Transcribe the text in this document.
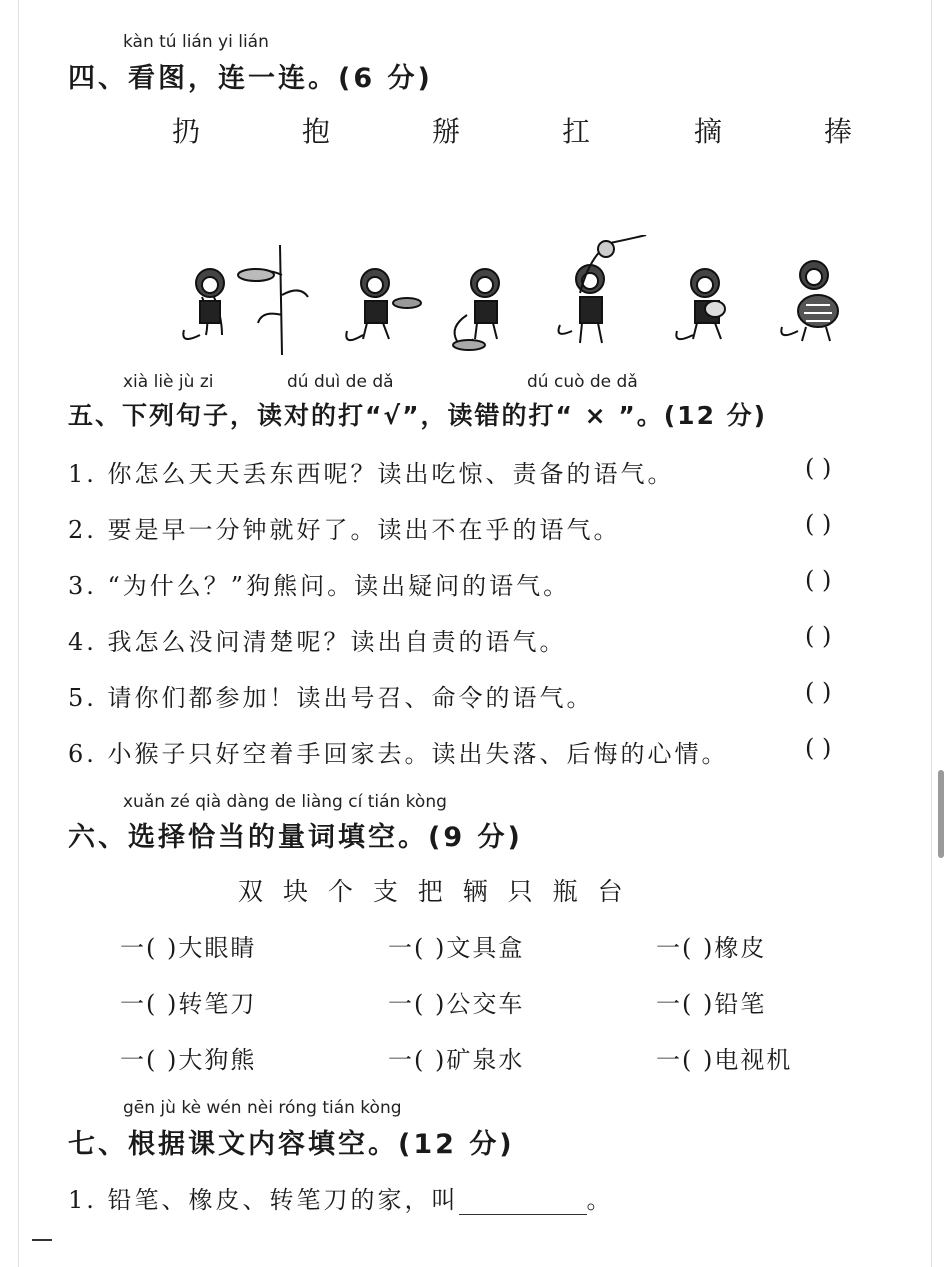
kàn tú lián yi lián
四、看图，连一连。(6 分)
扔	抱	掰	扛	摘	捧
xià liè jù zi	dú duì de dǎ	dú cuò de dǎ
五、下列句子，读对的打“√”，读错的打“ × ”。(12 分)
1. 你怎么天天丢东西呢？读出吃惊、责备的语气。	( )
2. 要是早一分钟就好了。读出不在乎的语气。	( )
3. “为什么？”狗熊问。读出疑问的语气。	( )
4. 我怎么没问清楚呢？读出自责的语气。	( )
5. 请你们都参加！读出号召、命令的语气。	( )
6. 小猴子只好空着手回家去。读出失落、后悔的心情。	( )
xuǎn zé qià dàng de liàng cí tián kòng
六、选择恰当的量词填空。(9 分)
双 块 个 支 把 辆 只 瓶 台
一( )大眼睛	一( )文具盒	一( )橡皮
一( )转笔刀	一( )公交车	一( )铅笔
一( )大狗熊	一( )矿泉水	一( )电视机
gēn jù kè wén nèi róng tián kòng
七、根据课文内容填空。(12 分)
1. 铅笔、橡皮、转笔刀的家，叫	。
